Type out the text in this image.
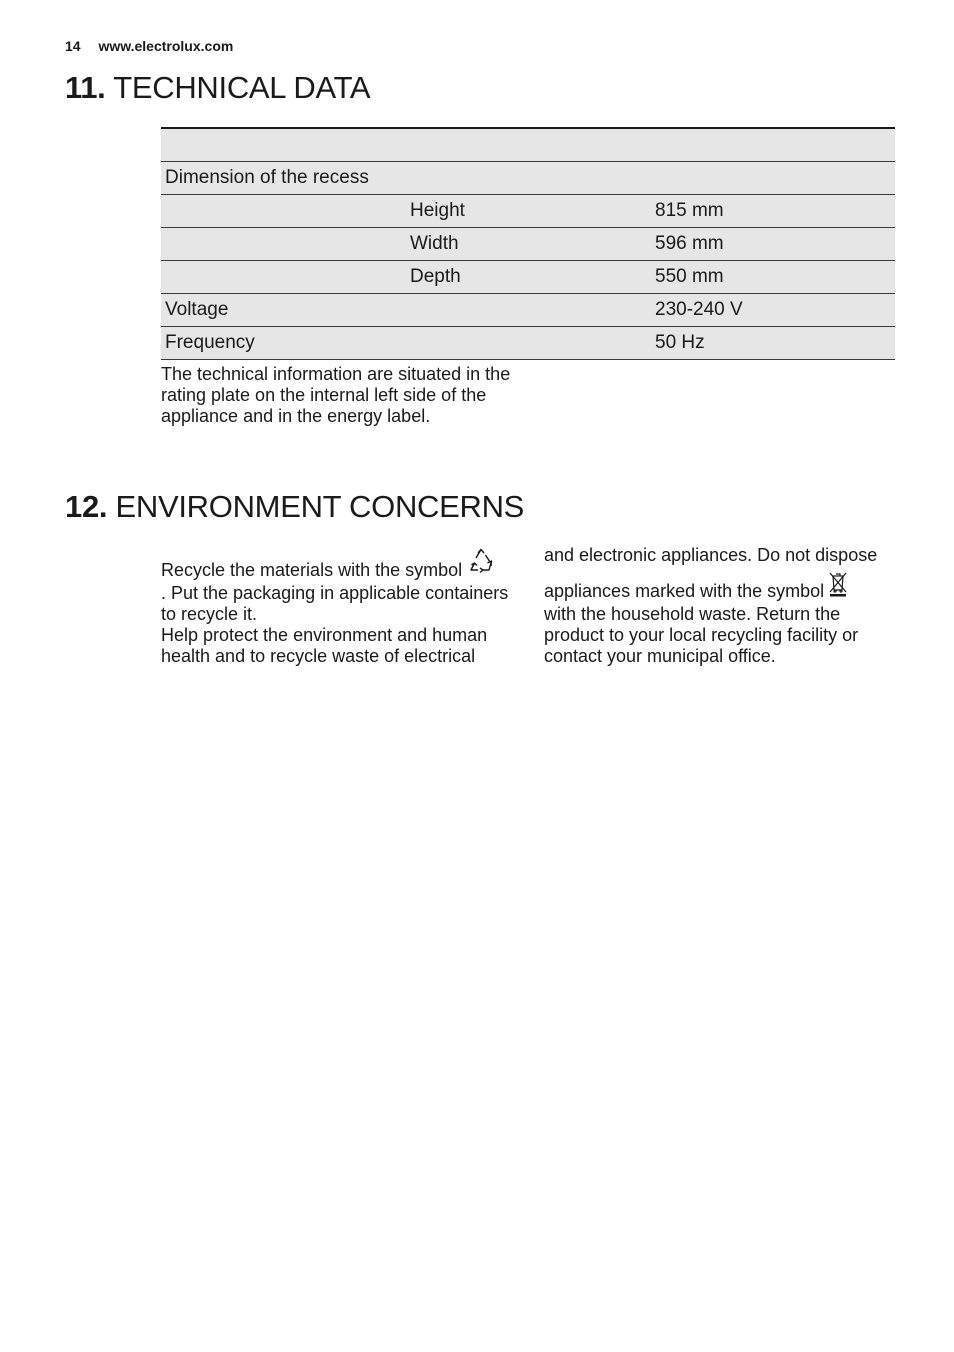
14 www.electrolux.com
11. TECHNICAL DATA

Dimension of the recess		
	Height	815 mm
	Width	596 mm
	Depth	550 mm
Voltage		230-240 V
Frequency		50 Hz
The technical information are situated in the rating plate on the internal left side of the appliance and in the energy label.
12. ENVIRONMENT CONCERNS

Recycle the materials with the symbol

. Put the packaging in applicable containers to recycle it.

Help protect the environment and human health and to recycle waste of electrical

and electronic appliances. Do not dispose

appliances marked with the symbol

with the household waste. Return the product to your local recycling facility or contact your municipal office.
